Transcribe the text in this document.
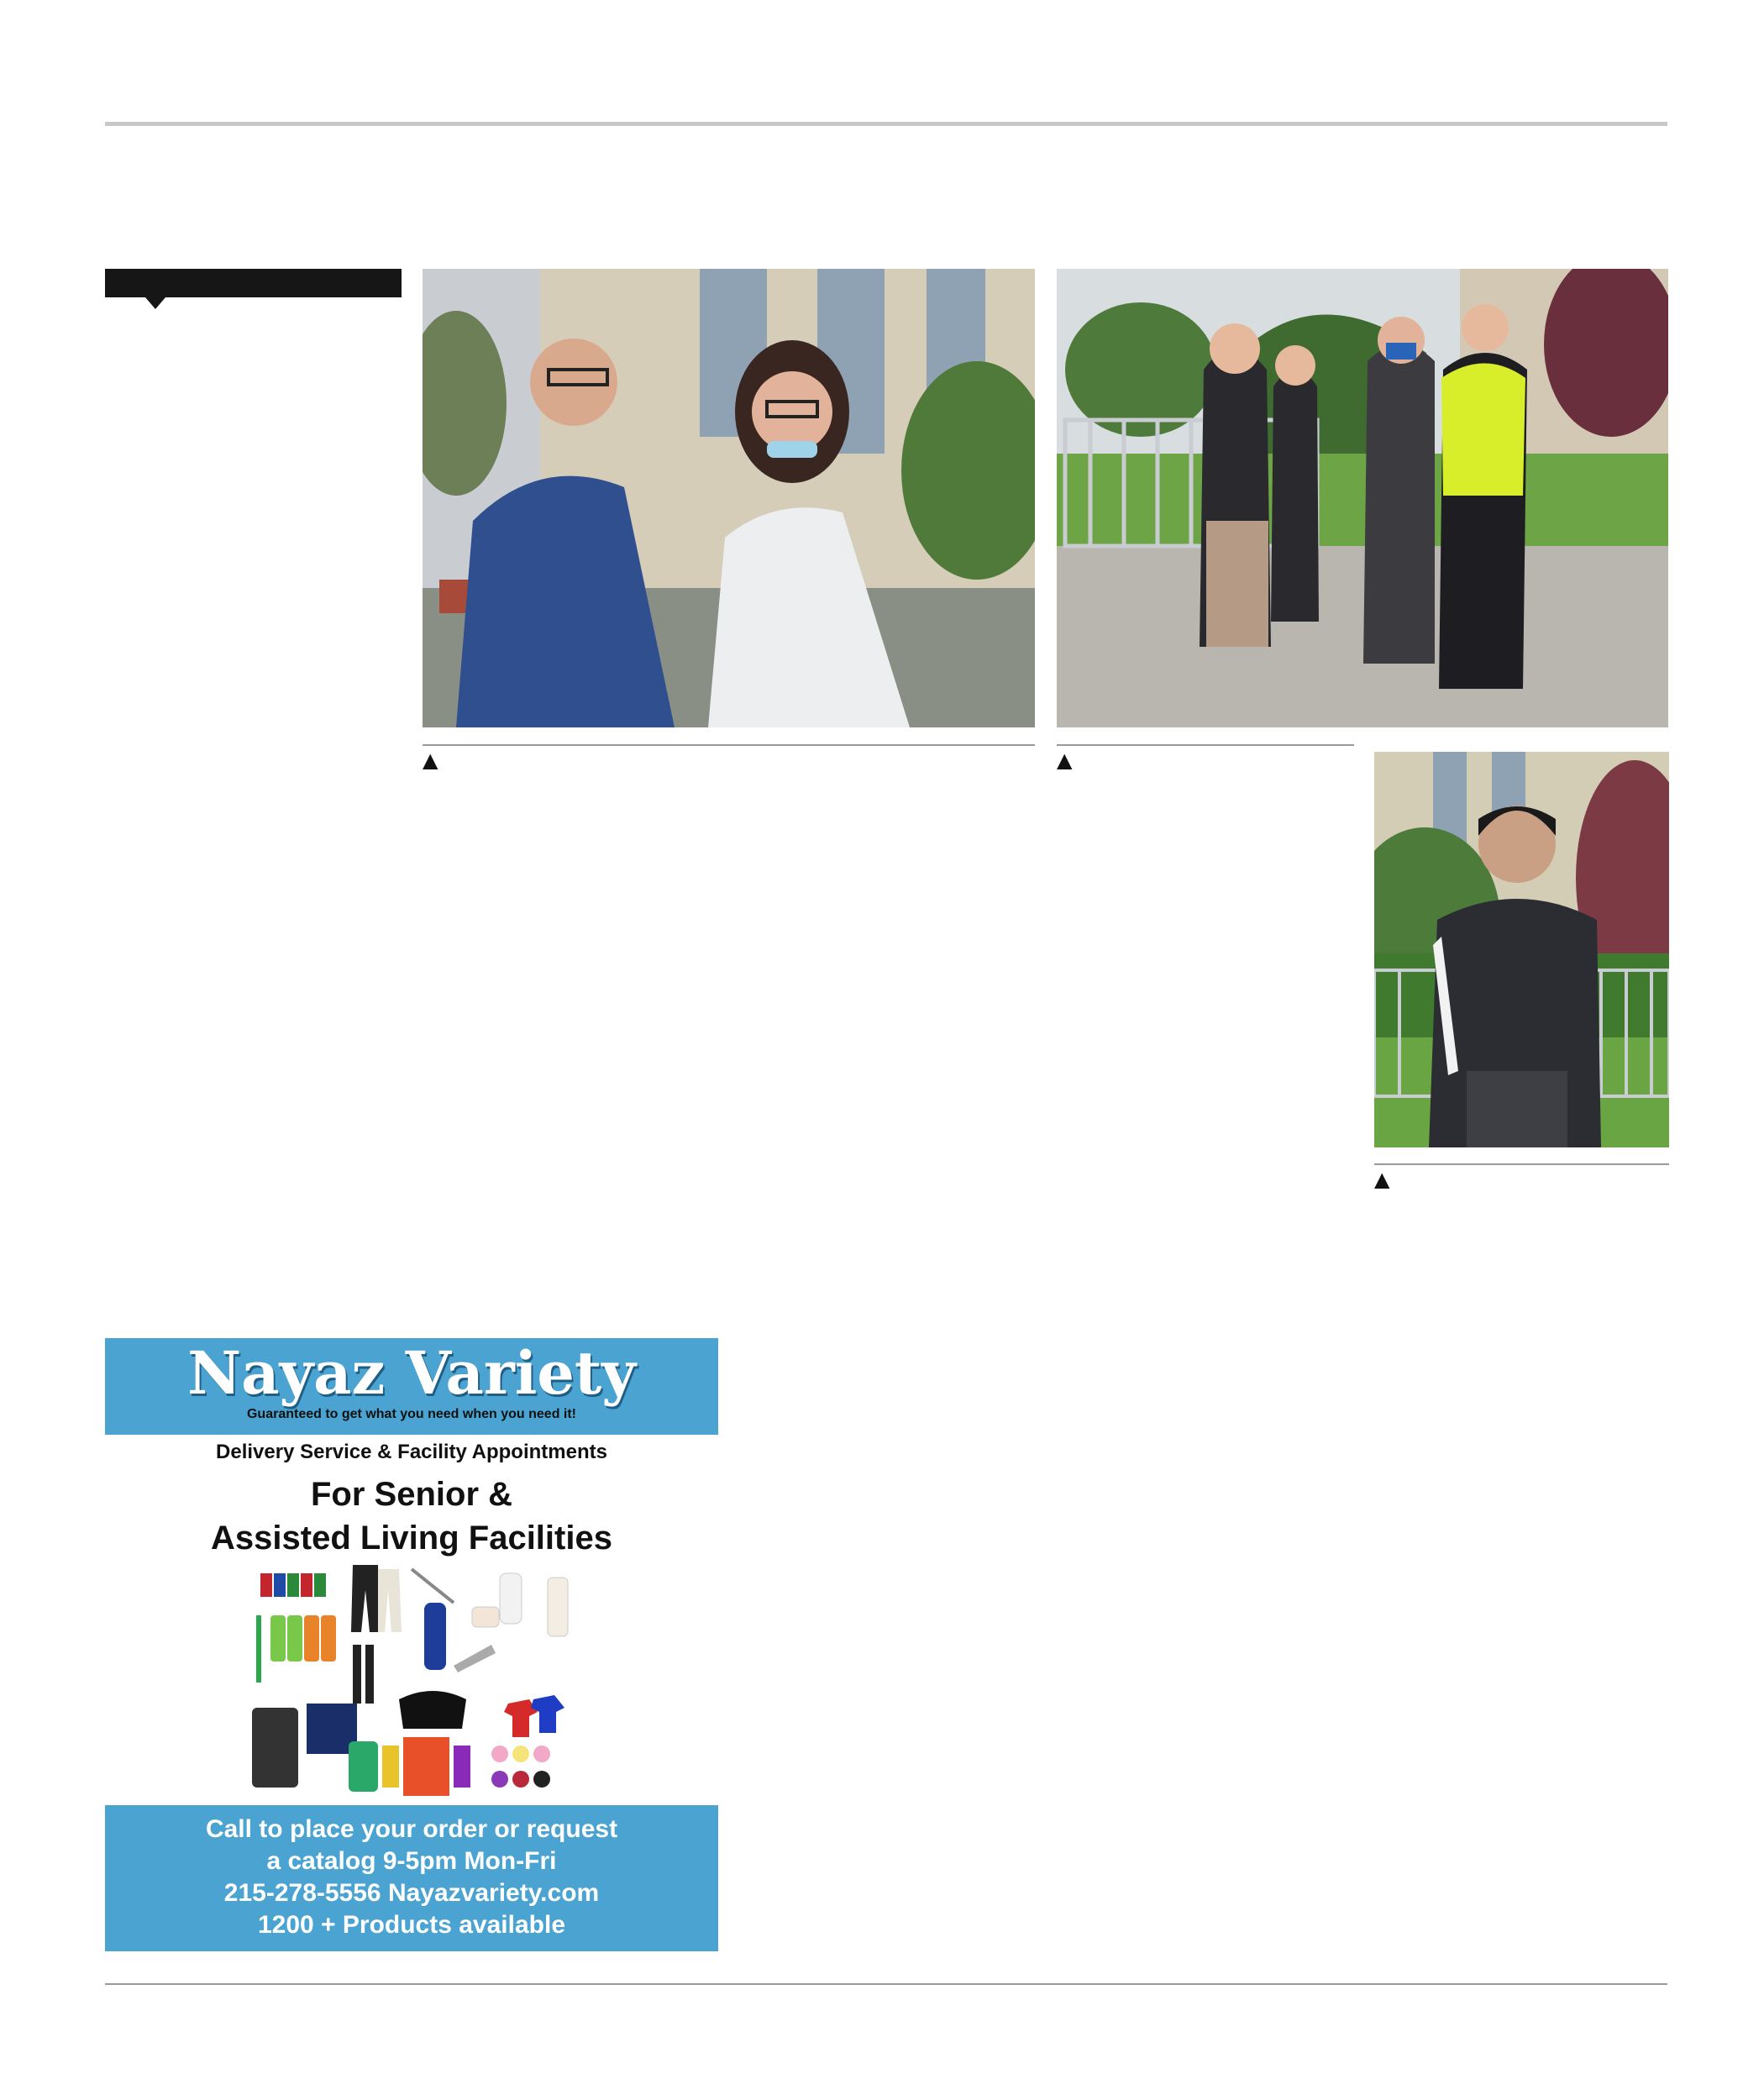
▲	▲
▲
Nayaz Variety
Guaranteed to get what you need when you need it!
Delivery Service & Facility Appointments
For Senior &
Assisted Living Facilities
Call to place your order or request
a catalog 9-5pm Mon-Fri
215-278-5556 Nayazvariety.com
1200 + Products available
